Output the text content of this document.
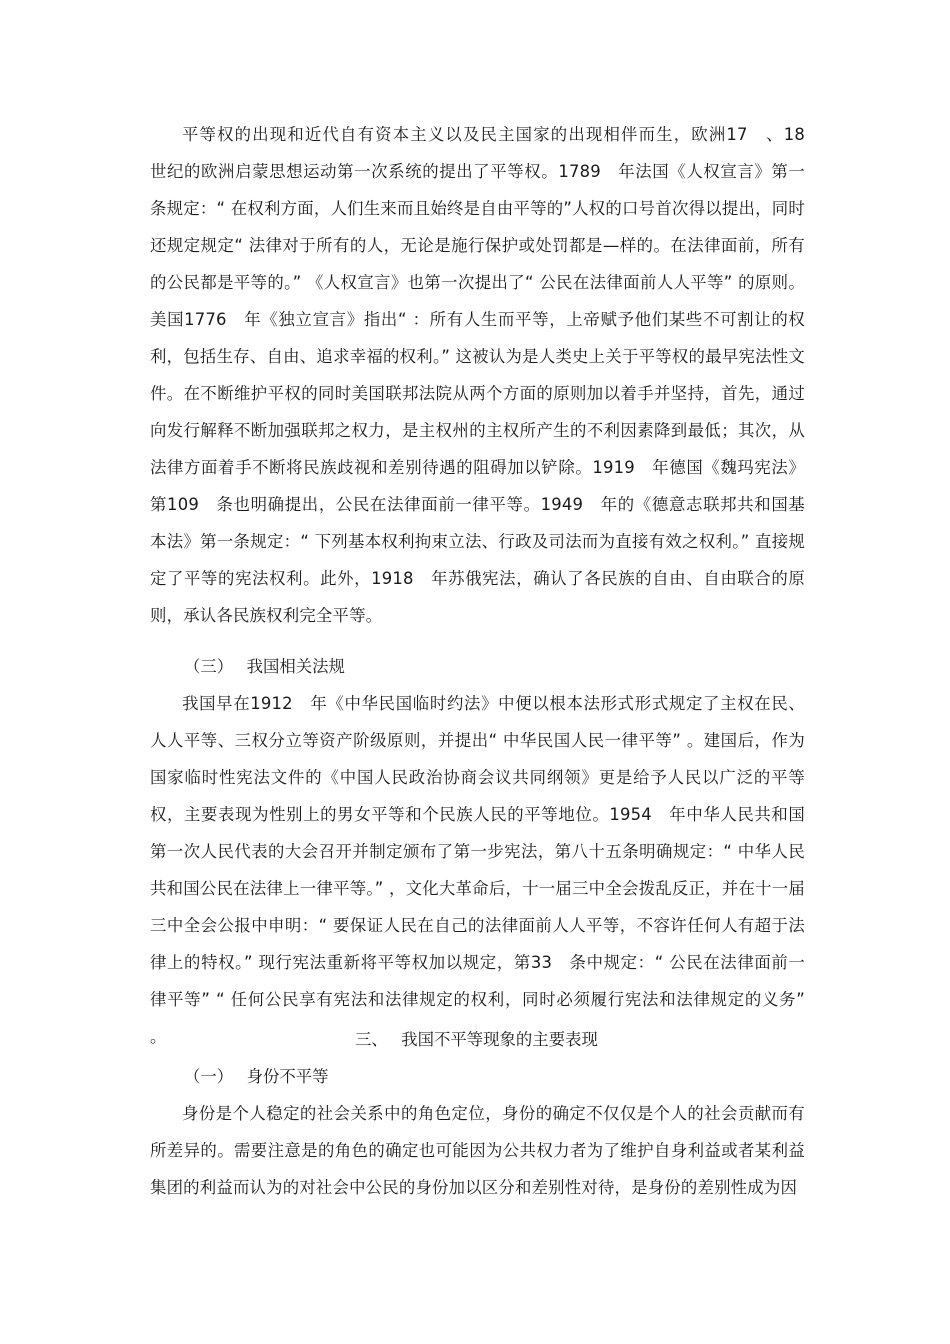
平等权的出现和近代自有资本主义以及民主国家的出现相伴而生，欧洲17　、18　世纪的欧洲启蒙思想运动第一次系统的提出了平等权。1789　年法国《人权宣言》第一条规定：“ 在权利方面，人们生来而且始终是自由平等的”人权的口号首次得以提出，同时还规定规定“ 法律对于所有的人，无论是施行保护或处罚都是—样的。在法律面前，所有的公民都是平等的。” 《人权宣言》也第一次提出了“ 公民在法律面前人人平等” 的原则。美国1776　年《独立宣言》指出“ ：所有人生而平等，上帝赋予他们某些不可割让的权利，包括生存、自由、追求幸福的权利。” 这被认为是人类史上关于平等权的最早宪法性文件。在不断维护平权的同时美国联邦法院从两个方面的原则加以着手并坚持，首先，通过向发行解释不断加强联邦之权力，是主权州的主权所产生的不利因素降到最低；其次，从法律方面着手不断将民族歧视和差别待遇的阻碍加以铲除。1919　年德国《魏玛宪法》第109　条也明确提出，公民在法律面前一律平等。1949　年的《德意志联邦共和国基本法》第一条规定：“ 下列基本权利拘束立法、行政及司法而为直接有效之权利。” 直接规定了平等的宪法权利。此外，1918　年苏俄宪法，确认了各民族的自由、自由联合的原则，承认各民族权利完全平等。

（三）　 我国相关法规

我国早在1912　年《中华民国临时约法》中便以根本法形式形式规定了主权在民、人人平等、三权分立等资产阶级原则，并提出“ 中华民国人民一律平等” 。建国后，作为国家临时性宪法文件的《中国人民政治协商会议共同纲领》更是给予人民以广泛的平等权，主要表现为性别上的男女平等和个民族人民的平等地位。1954　年中华人民共和国第一次人民代表的大会召开并制定颁布了第一步宪法，第八十五条明确规定：“ 中华人民共和国公民在法律上一律平等。” ，文化大革命后，十一届三中全会拨乱反正，并在十一届三中全会公报中申明：“ 要保证人民在自己的法律面前人人平等，不容许任何人有超于法律上的特权。” 现行宪法重新将平等权加以规定，第33　条中规定：“ 公民在法律面前一律平等” “ 任何公民享有宪法和法律规定的权利，同时必须履行宪法和法律规定的义务” 。	三、　 我国不平等现象的主要表现

（一）　 身份不平等

身份是个人稳定的社会关系中的角色定位，身份的确定不仅仅是个人的社会贡献而有所差异的。需要注意是的角色的确定也可能因为公共权力者为了维护自身利益或者某利益集团的利益而认为的对社会中公民的身份加以区分和差别性对待，是身份的差别性成为因
